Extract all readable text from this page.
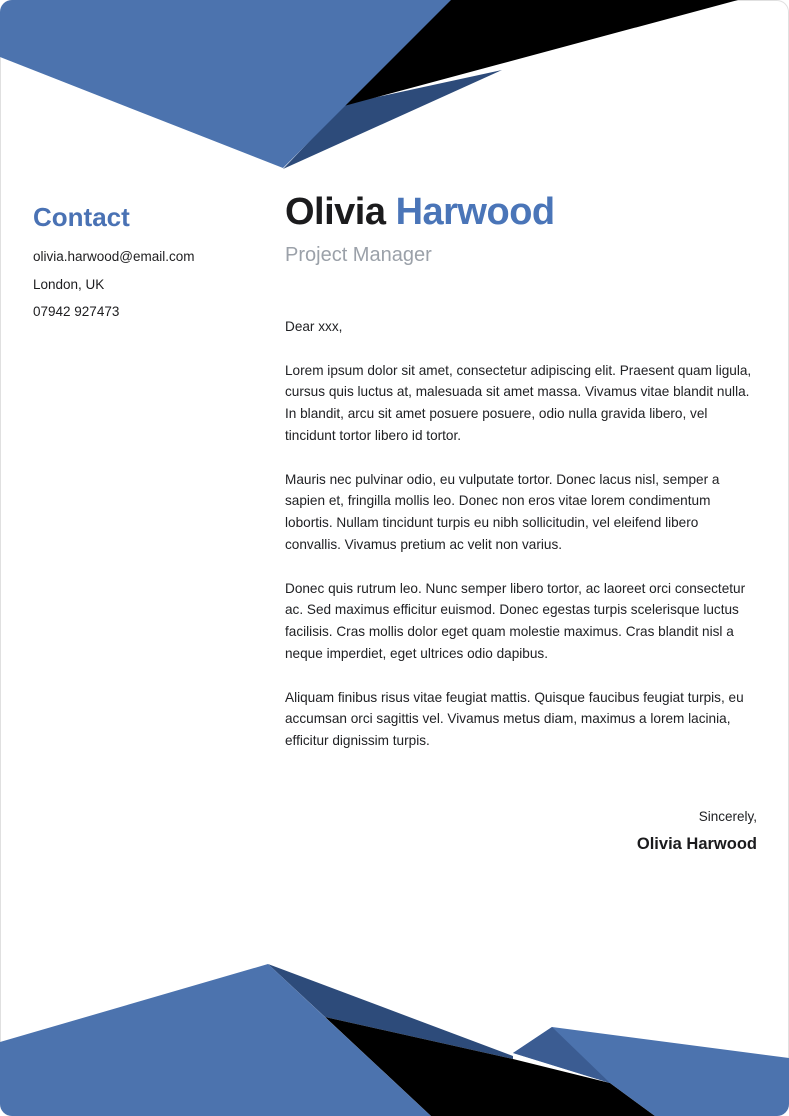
Contact

olivia.harwood@email.com

London, UK

07942 927473

Olivia Harwood

Project Manager

Dear xxx,

Lorem ipsum dolor sit amet, consectetur adipiscing elit. Praesent quam ligula, cursus quis luctus at, malesuada sit amet massa. Vivamus vitae blandit nulla. In blandit, arcu sit amet posuere posuere, odio nulla gravida libero, vel tincidunt tortor libero id tortor.

Mauris nec pulvinar odio, eu vulputate tortor. Donec lacus nisl, semper a sapien et, fringilla mollis leo. Donec non eros vitae lorem condimentum lobortis. Nullam tincidunt turpis eu nibh sollicitudin, vel eleifend libero convallis. Vivamus pretium ac velit non varius.

Donec quis rutrum leo. Nunc semper libero tortor, ac laoreet orci consectetur ac. Sed maximus efficitur euismod. Donec egestas turpis scelerisque luctus facilisis. Cras mollis dolor eget quam molestie maximus. Cras blandit nisl a neque imperdiet, eget ultrices odio dapibus.

Aliquam finibus risus vitae feugiat mattis. Quisque faucibus feugiat turpis, eu accumsan orci sagittis vel. Vivamus metus diam, maximus a lorem lacinia, efficitur dignissim turpis.

Sincerely,

Olivia Harwood
